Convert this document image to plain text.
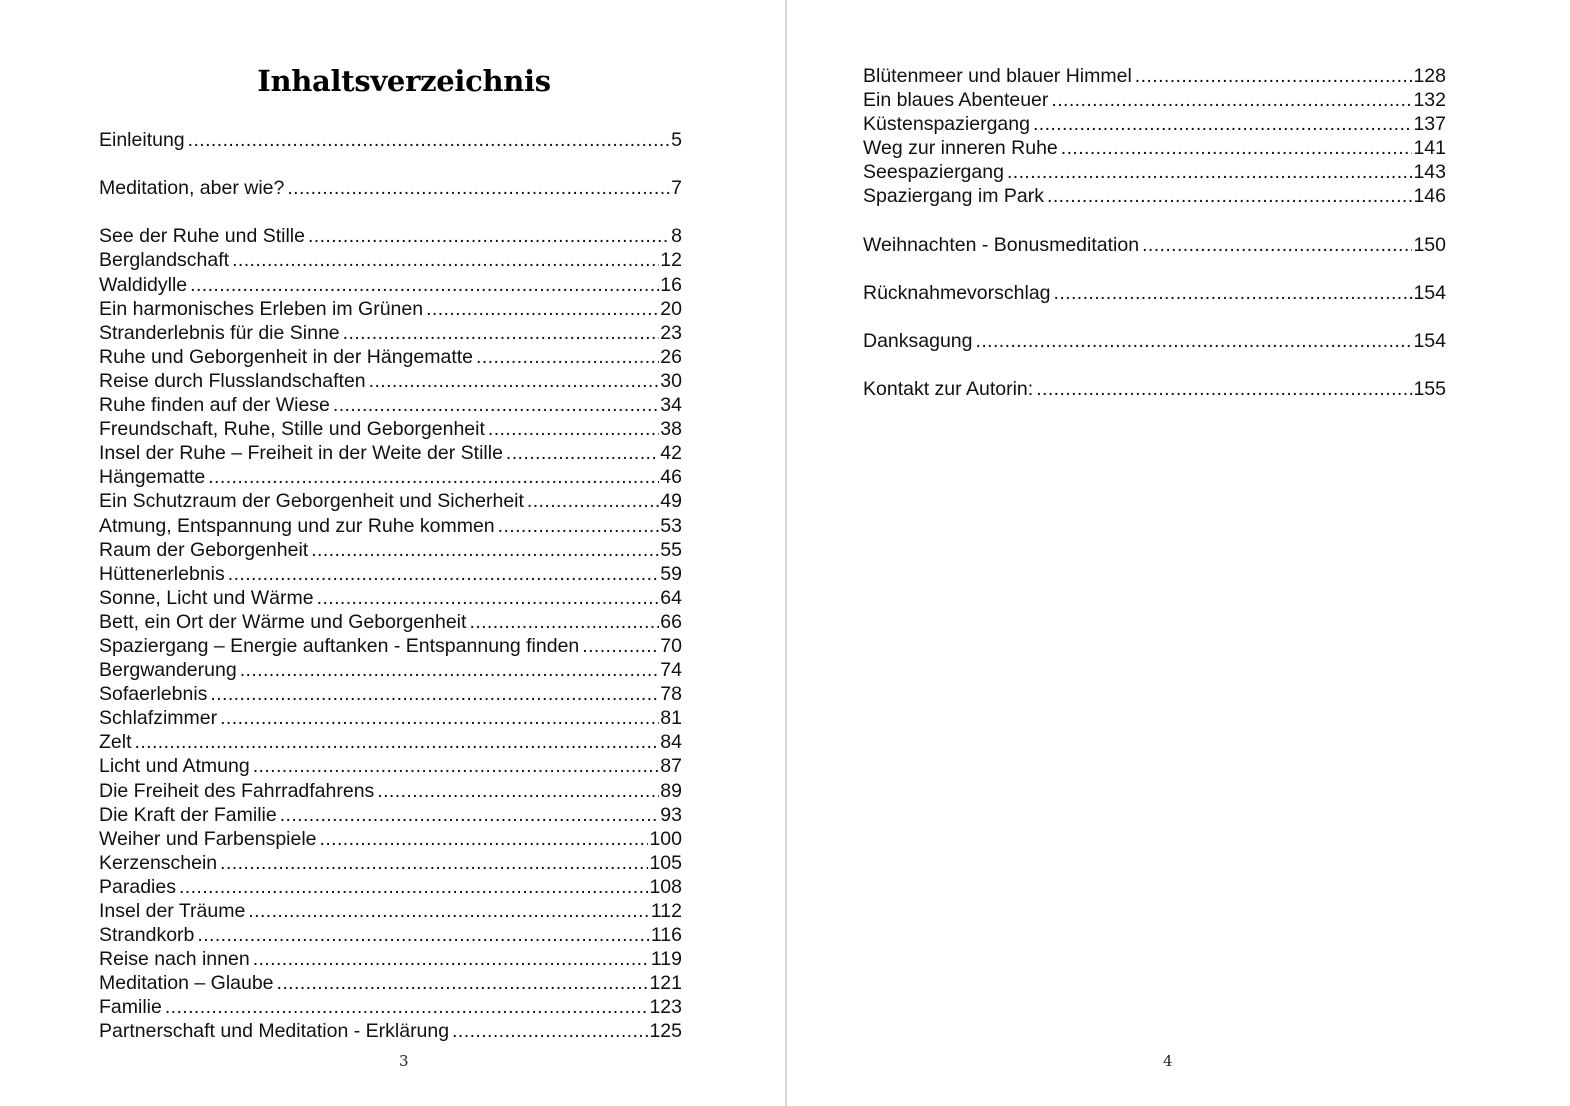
Inhaltsverzeichnis
Einleitung .....	5
Meditation, aber wie? .....	7
See der Ruhe und Stille .....	8
Berglandschaft .....	12
Waldidylle .....	16
Ein harmonisches Erleben im Grünen .....	20
Stranderlebnis für die Sinne .....	23
Ruhe und Geborgenheit in der Hängematte .....	26
Reise durch Flusslandschaften .....	30
Ruhe finden auf der Wiese .....	34
Freundschaft, Ruhe, Stille und Geborgenheit .....	38
Insel der Ruhe – Freiheit in der Weite der Stille .....	42
Hängematte .....	46
Ein Schutzraum der Geborgenheit und Sicherheit .....	49
Atmung, Entspannung und zur Ruhe kommen .....	53
Raum der Geborgenheit .....	55
Hüttenerlebnis .....	59
Sonne, Licht und Wärme .....	64
Bett, ein Ort der Wärme und Geborgenheit .....	66
Spaziergang – Energie auftanken - Entspannung finden .....	70
Bergwanderung .....	74
Sofaerlebnis .....	78
Schlafzimmer .....	81
Zelt .....	84
Licht und Atmung .....	87
Die Freiheit des Fahrradfahrens .....	89
Die Kraft der Familie .....	93
Weiher und Farbenspiele .....	100
Kerzenschein .....	105
Paradies .....	108
Insel der Träume .....	112
Strandkorb .....	116
Reise nach innen .....	119
Meditation – Glaube .....	121
Familie .....	123
Partnerschaft und Meditation - Erklärung .....	125
3
Blütenmeer und blauer Himmel .....	128
Ein blaues Abenteuer .....	132
Küstenspaziergang .....	137
Weg zur inneren Ruhe .....	141
Seespaziergang .....	143
Spaziergang im Park .....	146
Weihnachten - Bonusmeditation .....	150
Rücknahmevorschlag .....	154
Danksagung .....	154
Kontakt zur Autorin: .....	155
4
